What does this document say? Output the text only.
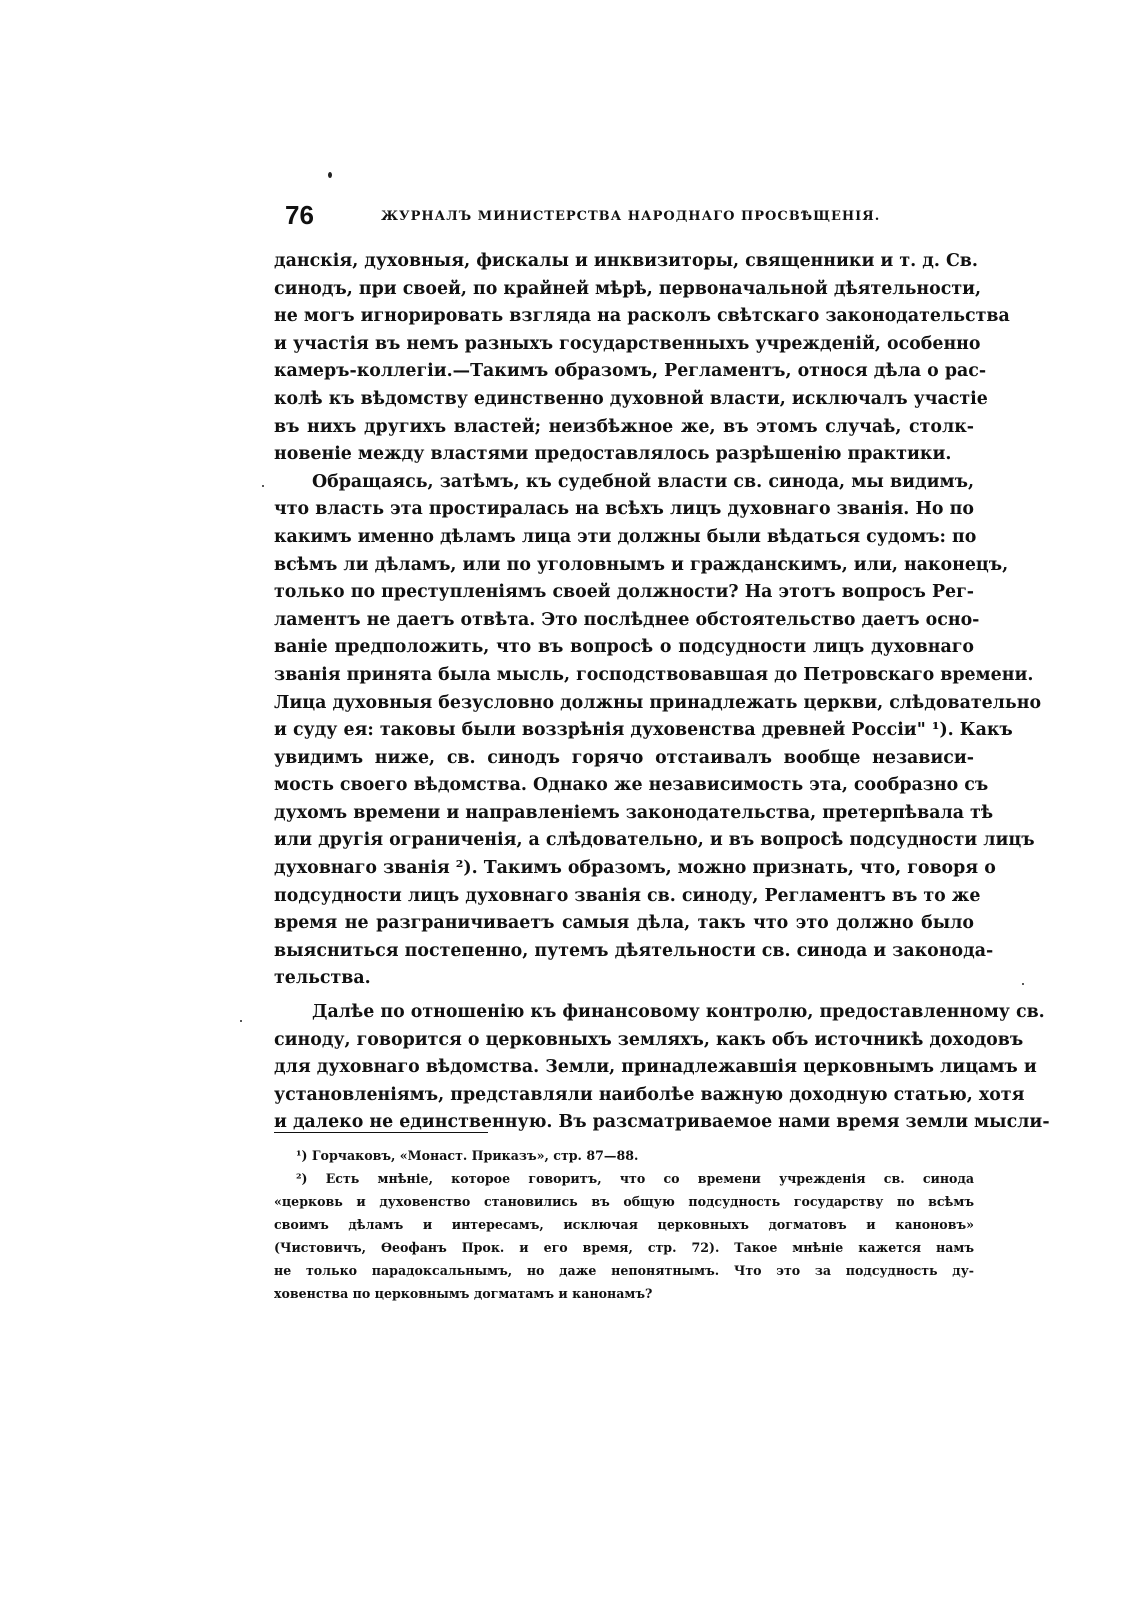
76	ЖУРНАЛЪ МИНИСТЕРСТВА НАРОДНАГО ПРОСВѢЩЕНІЯ.
данскія, духовныя, фискалы и инквизиторы, священники и т. д. Св.
синодъ, при своей, по крайней мѣрѣ, первоначальной дѣятельности,
не могъ игнорировать взгляда на расколъ свѣтскаго законодательства
и участія въ немъ разныхъ государственныхъ учрежденій, особенно
камеръ-коллегіи.—Такимъ образомъ, Регламентъ, относя дѣла о рас-
колѣ къ вѣдомству единственно духовной власти, исключалъ участіе
въ нихъ другихъ властей; неизбѣжное же, въ этомъ случаѣ, столк-
новеніе между властями предоставлялось разрѣшенію практики.
Обращаясь, затѣмъ, къ судебной власти св. синода, мы видимъ,
что власть эта простиралась на всѣхъ лицъ духовнаго званія. Но по
какимъ именно дѣламъ лица эти должны были вѣдаться судомъ: по
всѣмъ ли дѣламъ, или по уголовнымъ и гражданскимъ, или, наконецъ,
только по преступленіямъ своей должности? На этотъ вопросъ Рег-
ламентъ не даетъ отвѣта. Это послѣднее обстоятельство даетъ осно-
ваніе предположить, что въ вопросѣ о подсудности лицъ духовнаго
званія принята была мысль, господствовавшая до Петровскаго времени.
Лица духовныя безусловно должны принадлежать церкви, слѣдовательно
и суду ея: таковы были воззрѣнія духовенства древней Россіи" ¹). Какъ
увидимъ ниже, св. синодъ горячо отстаивалъ вообще независи-
мость своего вѣдомства. Однако же независимость эта, сообразно съ
духомъ времени и направленіемъ законодательства, претерпѣвала тѣ
или другія ограниченія, а слѣдовательно, и въ вопросѣ подсудности лицъ
духовнаго званія ²). Такимъ образомъ, можно признать, что, говоря о
подсудности лицъ духовнаго званія св. синоду, Регламентъ въ то же
время не разграничиваетъ самыя дѣла, такъ что это должно было
выясниться постепенно, путемъ дѣятельности св. синода и законода-
тельства.
Далѣе по отношенію къ финансовому контролю, предоставленному св.
синоду, говорится о церковныхъ земляхъ, какъ объ источникѣ доходовъ
для духовнаго вѣдомства. Земли, принадлежавшія церковнымъ лицамъ и
установленіямъ, представляли наиболѣе важную доходную статью, хотя
и далеко не единственную. Въ разсматриваемое нами время земли мысли-
¹) Горчаковъ, «Монаст. Приказъ», стр. 87—88.
²) Есть мнѣніе, которое говоритъ, что со времени учрежденія св. синода
«церковь и духовенство становились въ общую подсудность государству по всѣмъ
своимъ дѣламъ и интересамъ, исключая церковныхъ догматовъ и каноновъ»
(Чистовичъ, Ѳеофанъ Прок. и его время, стр. 72). Такое мнѣніе кажется намъ
не только парадоксальнымъ, но даже непонятнымъ. Что это за подсудность ду-
ховенства по церковнымъ догматамъ и канонамъ?
